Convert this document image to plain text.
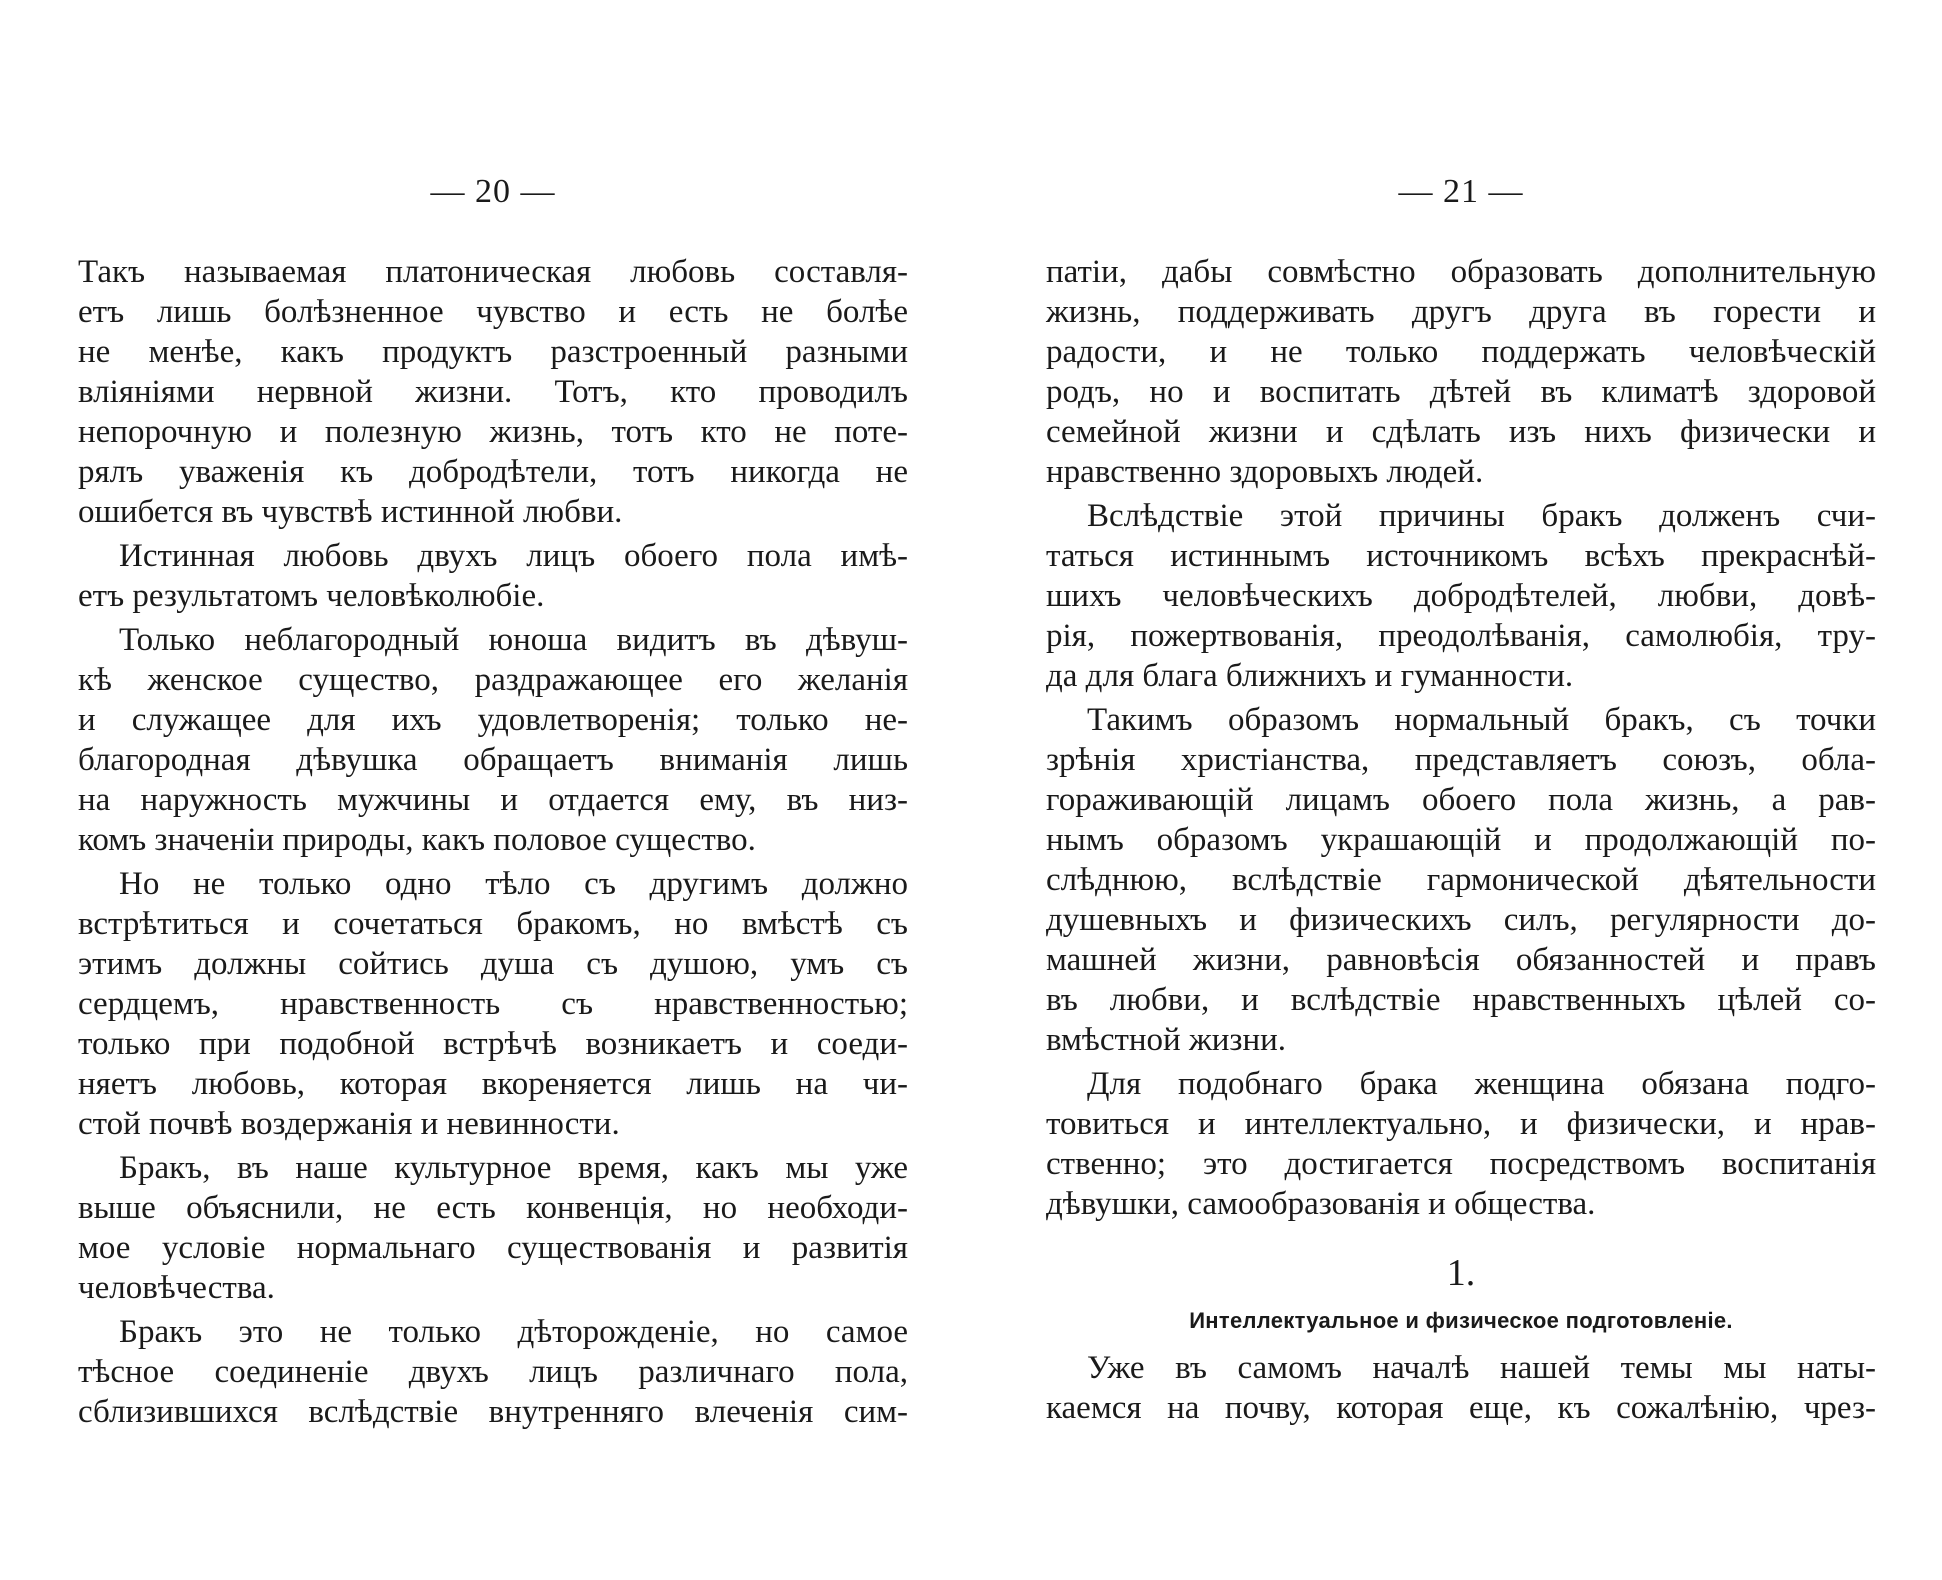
— 20 —
Такъ называемая платоническая любовь составля-
етъ лишь болѣзненное чувство и есть не болѣе
не менѣе, какъ продуктъ разстроенный разными
вліяніями нервной жизни. Тотъ, кто проводилъ
непорочную и полезную жизнь, тотъ кто не поте-
рялъ уваженія къ добродѣтели, тотъ никогда не
ошибется въ чувствѣ истинной любви.
Истинная любовь двухъ лицъ обоего пола имѣ-
етъ результатомъ человѣколюбіе.
Только неблагородный юноша видитъ въ дѣвуш-
кѣ женское существо, раздражающее его желанія
и служащее для ихъ удовлетворенія; только не-
благородная дѣвушка обращаетъ вниманія лишь
на наружность мужчины и отдается ему, въ низ-
комъ значеніи природы, какъ половое существо.
Но не только одно тѣло съ другимъ должно
встрѣтиться и сочетаться бракомъ, но вмѣстѣ съ
этимъ должны сойтись душа съ душою, умъ съ
сердцемъ, нравственность съ нравственностью;
только при подобной встрѣчѣ возникаетъ и соеди-
няетъ любовь, которая вкореняется лишь на чи-
стой почвѣ воздержанія и невинности.
Бракъ, въ наше культурное время, какъ мы уже
выше объяснили, не есть конвенція, но необходи-
мое условіе нормальнаго существованія и развитія
человѣчества.
Бракъ это не только дѣторожденіе, но самое
тѣсное соединеніе двухъ лицъ различнаго пола,
сблизившихся вслѣдствіе внутренняго влеченія сим-
— 21 —
патіи, дабы совмѣстно образовать дополнительную
жизнь, поддерживать другъ друга въ горести и
радости, и не только поддержать человѣческій
родъ, но и воспитать дѣтей въ климатѣ здоровой
семейной жизни и сдѣлать изъ нихъ физически и
нравственно здоровыхъ людей.
Вслѣдствіе этой причины бракъ долженъ счи-
таться истиннымъ источникомъ всѣхъ прекраснѣй-
шихъ человѣческихъ добродѣтелей, любви, довѣ-
рія, пожертвованія, преодолѣванія, самолюбія, тру-
да для блага ближнихъ и гуманности.
Такимъ образомъ нормальный бракъ, съ точки
зрѣнія христіанства, представляетъ союзъ, обла-
гораживающій лицамъ обоего пола жизнь, а рав-
нымъ образомъ украшающій и продолжающій по-
слѣднюю, вслѣдствіе гармонической дѣятельности
душевныхъ и физическихъ силъ, регулярности до-
машней жизни, равновѣсія обязанностей и правъ
въ любви, и вслѣдствіе нравственныхъ цѣлей со-
вмѣстной жизни.
Для подобнаго брака женщина обязана подго-
товиться и интеллектуально, и физически, и нрав-
ственно; это достигается посредствомъ воспитанія
дѣвушки, самообразованія и общества.
1.
Интеллектуальное и физическое подготовленіе.
Уже въ самомъ началѣ нашей темы мы наты-
каемся на почву, которая еще, къ сожалѣнію, чрез-
